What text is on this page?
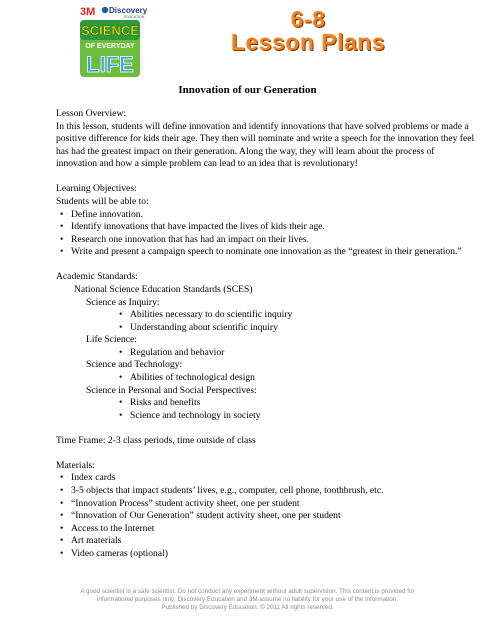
3M Discovery
EDUCATION
SCIENCE
OF EVERYDAY
LIFE
6-8
Lesson Plans
Innovation of our Generation

Lesson Overview:

In this lesson, students will define innovation and identify innovations that have solved problems or made a positive difference for kids their age. They then will nominate and write a speech for the innovation they feel has had the greatest impact on their generation. Along the way, they will learn about the process of innovation and how a simple problem can lead to an idea that is revolutionary!

Learning Objectives:

Students will be able to:

• Define innovation.
• Identify innovations that have impacted the lives of kids their age.
• Research one innovation that has had an impact on their lives.
• Write and present a campaign speech to nominate one innovation as the “greatest in their generation.”

Academic Standards:

National Science Education Standards (SCES)

Science as Inquiry:

• Abilities necessary to do scientific inquiry
• Understanding about scientific inquiry

Life Science:

• Regulation and behavior

Science and Technology:

• Abilities of technological design

Science in Personal and Social Perspectives:

• Risks and benefits
• Science and technology in society

Time Frame: 2-3 class periods, time outside of class

Materials:

• Index cards
• 3-5 objects that impact students’ lives, e.g., computer, cell phone, toothbrush, etc.
• “Innovation Process” student activity sheet, one per student
• “Innovation of Our Generation” student activity sheet, one per student
• Access to the Internet
• Art materials
• Video cameras (optional)
A good scientist is a safe scientist. Do not conduct any experiment without adult supervision. This content is provided for
informational purposes only; Discovery Education and 3M assume no liability for your use of the information.
Published by Discovery Education. © 2011 All rights reserved.
